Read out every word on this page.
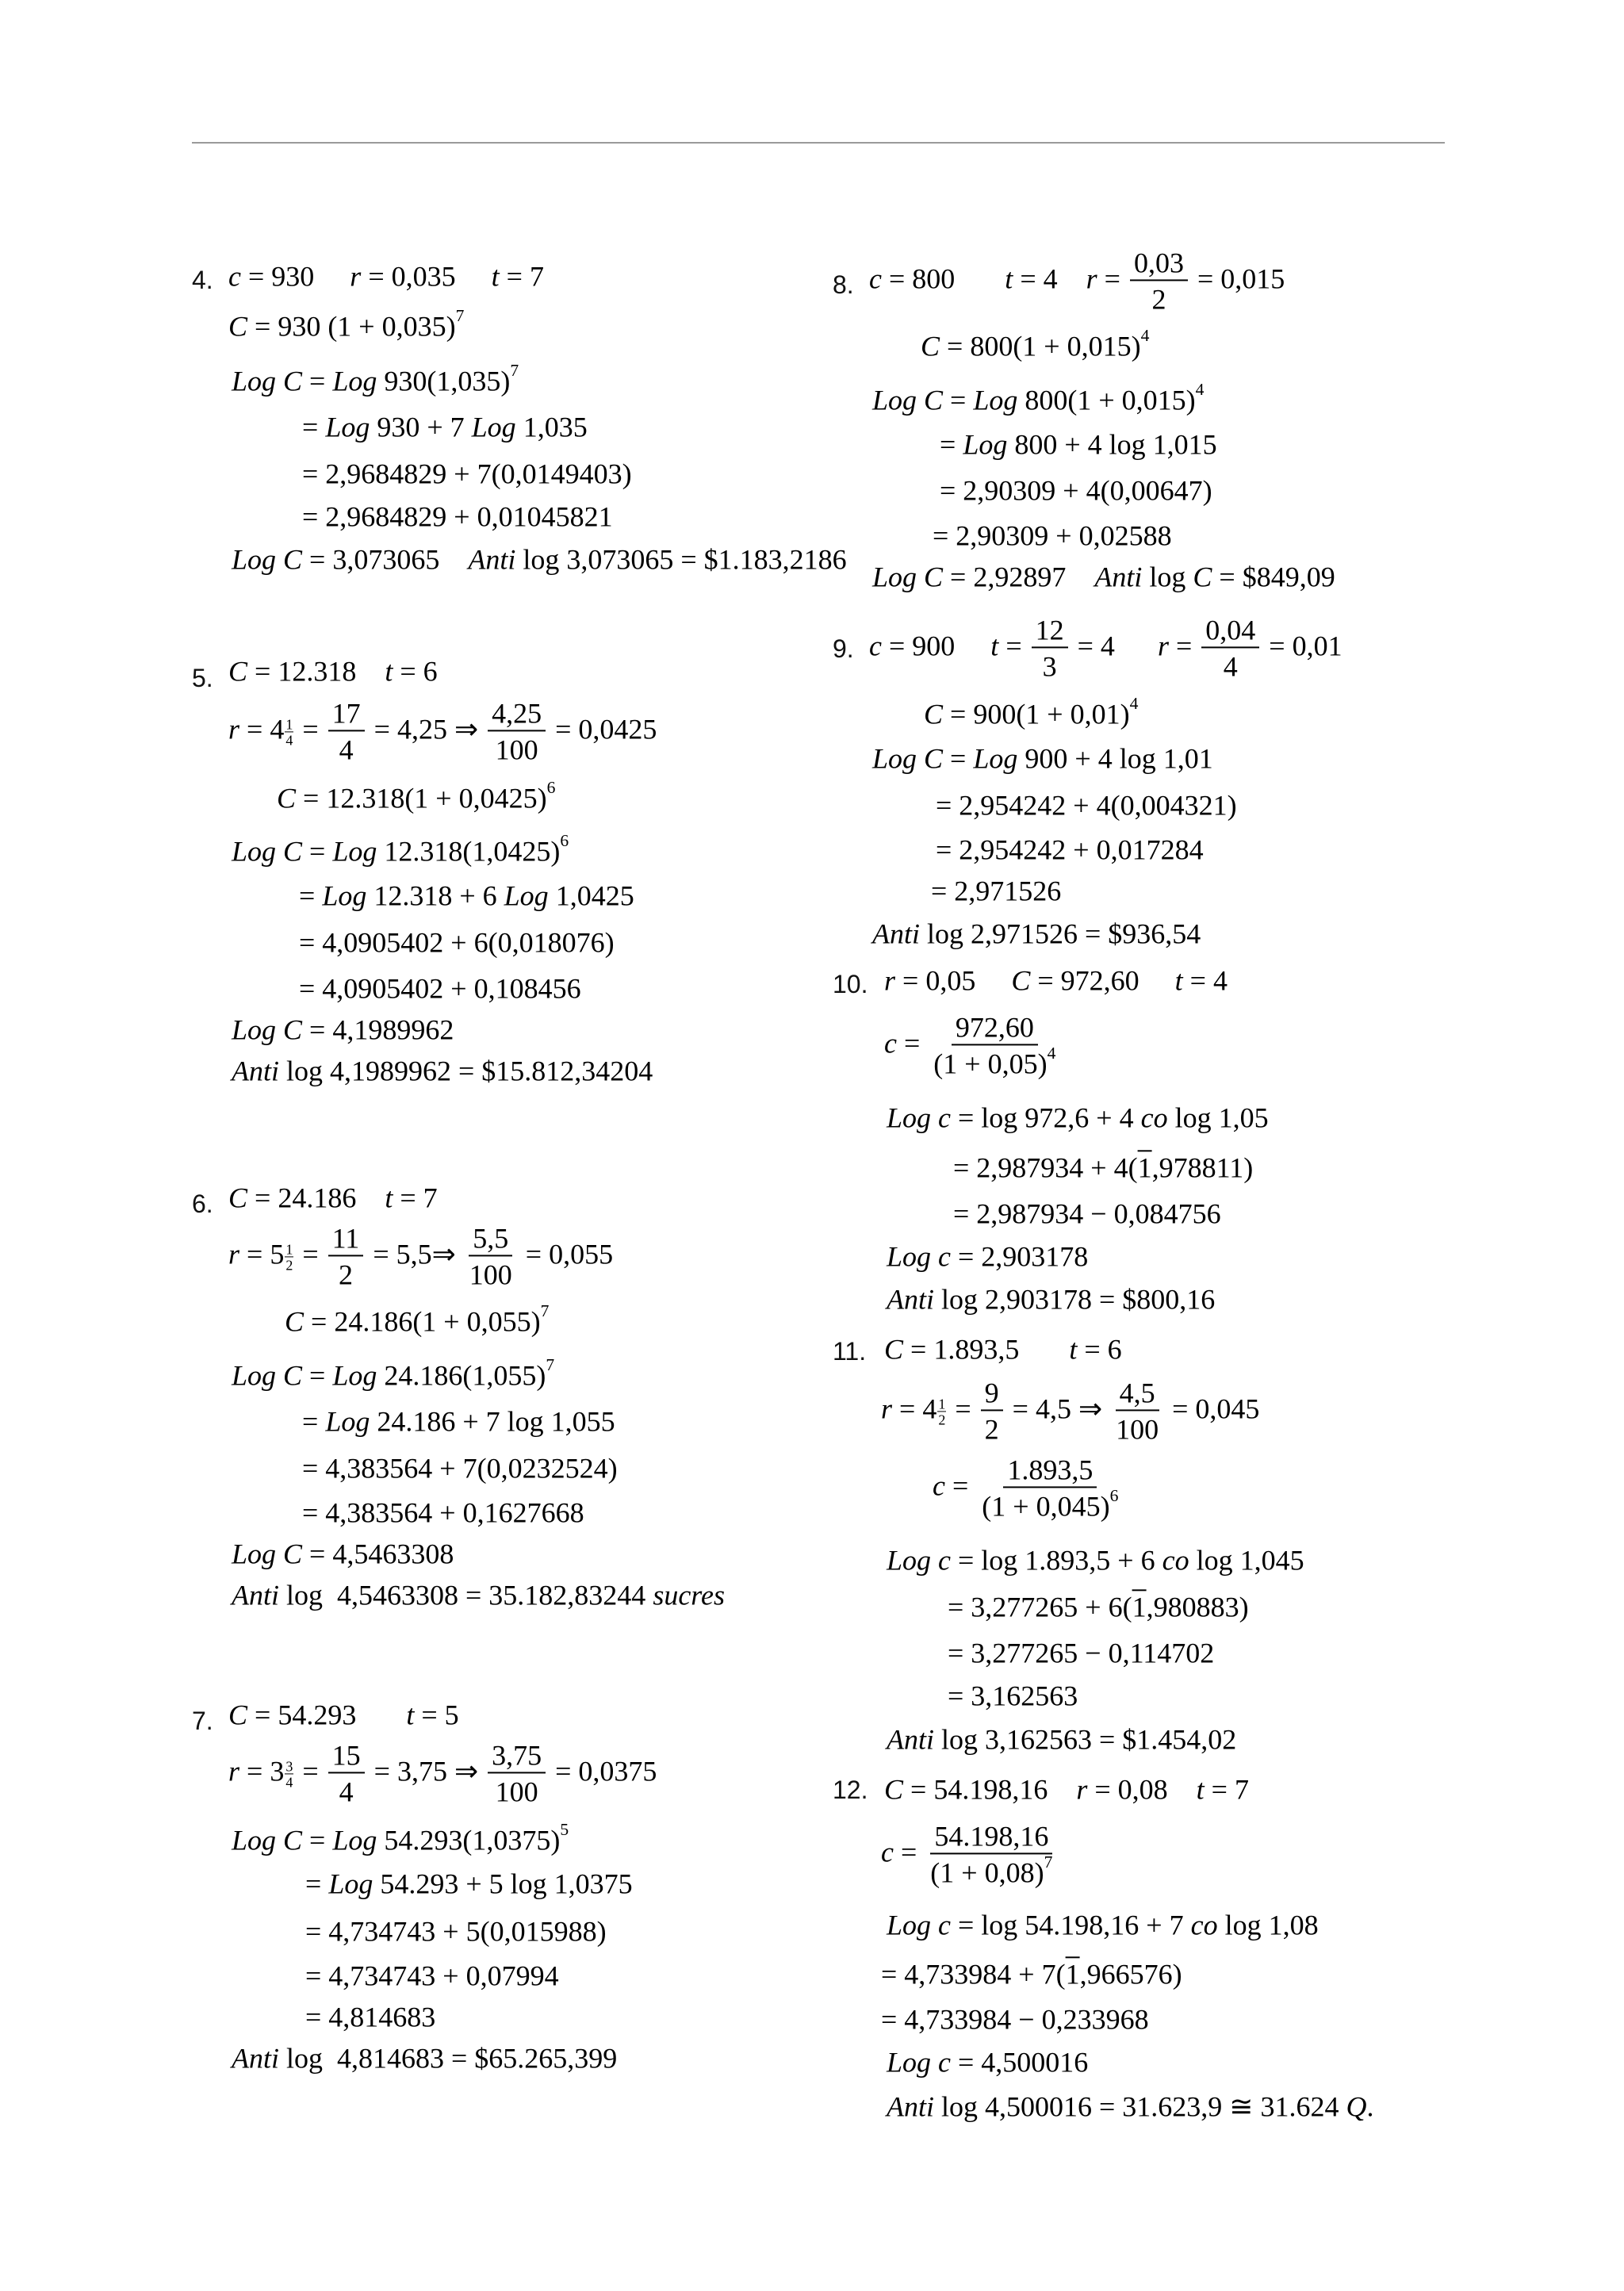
4. c = 930     r = 0,035     t = 7
C = 930 $(1 + 0,035)^7$
Log C = Log $930(1,035)^7$
= Log 930 + 7 Log 1,035
= 2,9684829 + 7(0,0149403)
= 2,9684829 + 0,01045821
Log C = 3,073065    Anti log 3,073065 = $1.183,2186
5. C = 12.318    t = 6
$r = 4 \frac{1}{4} = \frac{17}{4} = 4,25$ ⇒ $\frac{4,25}{100} = 0,0425$
$C = 12.318(1 + 0,0425)^6$
Log C = Log $12.318(1,0425)^6$
= Log 12.318 + 6 Log 1,0425
= 4,0905402 + 6(0,018076)
= 4,0905402 + 0,108456
Log C = 4,1989962
Anti log 4,1989962 = $15.812,34204
6. C = 24.186    t = 7
$r = 5 \frac{1}{2} = \frac{11}{2}$ = 5,5⇒ $\frac{5,5}{100} = 0,055$
$C = 24.186(1 + 0,055)^7$
Log C = Log $24.186(1,055)^7$
= Log 24.186 + 7 log 1,055
= 4,383564 + 7(0,0232524)
= 4,383564 + 0,1627668
Log C = 4,5463308
Anti log  4,5463308 = 35.182,83244 sucres
7. C = 54.293       t = 5
$r = 3 \frac{3}{4} = \frac{15}{4} = 3,75$ ⇒ $\frac{3,75}{100} = 0,0375$
Log C = Log $54.293(1,0375)^5$
= Log 54.293 + 5 log 1,0375
= 4,734743 + 5(0,015988)
= 4,734743 + 0,07994
= 4,814683
Anti log  4,814683 = $65.265,399
8. c = 800       t = 4    $r = \frac{0,03}{2} = 0,015$
$C = 800(1 + 0,015)^4$
Log C = Log $800(1 + 0,015)^4$
= Log 800 + 4 log 1,015
= 2,90309 + 4(0,00647)
= 2,90309 + 0,02588
Log C = 2,92897    Anti log C = $849,09
9. c = 900     $t = \frac{12}{3} = 4$      $r = \frac{0,04}{4} = 0,01$
$C = 900(1 + 0,01)^4$
Log C = Log 900 + 4 log 1,01
= 2,954242 + 4(0,004321)
= 2,954242 + 0,017284
= 2,971526
Anti log 2,971526 = $936,54
10. r = 0,05     C = 972,60     t = 4
$c = \frac{972,60}{(1 + 0,05)^4}$
Log c = log 972,6 + 4 co log 1,05
= 2,987934 + 4(1,978811)
= 2,987934 − 0,084756
Log c = 2,903178
Anti log 2,903178 = $800,16
11. C = 1.893,5       t = 6
$r = 4 \frac{1}{2} = \frac{9}{2} = 4,5$ ⇒ $\frac{4,5}{100} = 0,045$
$c = \frac{1.893,5}{(1 + 0,045)^6}$
Log c = log 1.893,5 + 6 co log 1,045
= 3,277265 + 6(1,980883)
= 3,277265 − 0,114702
= 3,162563
Anti log 3,162563 = $1.454,02
12. C = 54.198,16    r = 0,08    t = 7
$c = \frac{54.198,16}{(1 + 0,08)^7}$
Log c = log 54.198,16 + 7 co log 1,08
= 4,733984 + 7(1,966576)
= 4,733984 − 0,233968
Log c = 4,500016
Anti log 4,500016 = 31.623,9 ≅ 31.624 Q.
